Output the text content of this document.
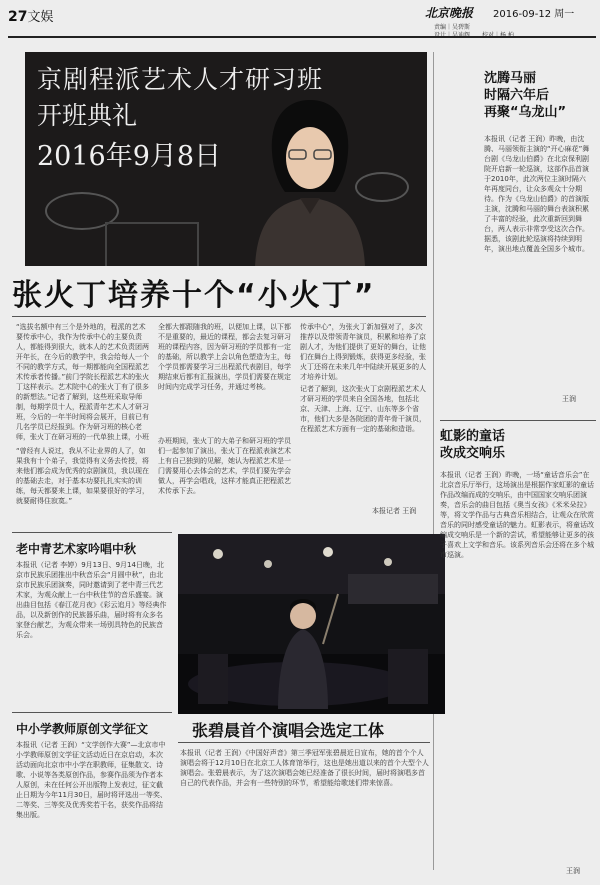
27文娱	北京晚报 2016-09-12 周一
责编｜吴碧斯
京剧程派艺术人才研习班
开班典礼
2016年9月8日
张火丁培养十个“小火丁”
“选拔名额中有三个是外地的，程派的艺术要传承中心，我作为传承中心的主要负责人，都能得到很大，就本人的艺术负责团两开年长，在今后的教学中，我会给每人一个不同的教学方式，每一期都能向全国程派艺术传承者传播。”前门学院长程派艺术的张火丁这样表示。艺术院中心的张火丁有了很多的新想法。”记者了解到，这些班采取导师制，每期学员十人，程派青年艺术人才研习班，今后的一年半时间将会展开，目前已有几名学员已经报到。作为研习班的核心老师，张火丁在研习班的一代单独上课，小班
“曾经有人说过，我从不让业界的人了，如果我有十个弟子，我觉得有义务去传授，将来他们都会成为优秀的京剧演员，我以现在的基础去走，对于基本功要扎扎实实的训练，每天都要来上课，如果要很好的学习，就要耐得住寂寞。”
全都大都跟随我的班，以便加上课，以下都不是重要的，最近的课程，都会去复习研习班的课程内容，因为研习班的学员都有一定的基础，所以教学上会以角色塑造为主，每个学员都需要学习三出程派代表剧目，每学期结束后都有汇报演出，学员们需要在规定时间内完成学习任务，并通过考核。
办班期间，张火丁的大弟子和研习班的学员们一起参加了演出，张火丁在程派表演艺术上有自己独到的见解，她认为程派艺术是一门需要用心去体会的艺术，学员们要先学会做人，再学会唱戏，这样才能真正把程派艺术传承下去。
传承中心“，为张火丁新加强对了，多次推荐以及带领青年演员，积累和培养了京剧人才，为他们提供了更好的舞台，让他们在舞台上得到锻炼，获得更多经验，张火丁还将在未来几年中陆续开展更多的人才培养计划。
记者了解到，这次张火丁京剧程派艺术人才研习班的学员来自全国各地，包括北京、天津、上海、辽宁、山东等多个省市，他们大多是各院团的青年骨干演员，在程派艺术方面有一定的基础和造诣。
本报记者 王润
老中青艺术家吟唱中秋
本报讯（记者 李婷）9月13日、9月14日晚，北京市民族乐团推出中秋音乐会“月圆中秋”，由北京市民族乐团演奏，同时邀请到了老中青三代艺术家，为观众献上一台中秋佳节的音乐盛宴。演出曲目包括《春江花月夜》《彩云追月》等经典作品，以及新创作的民族器乐曲，届时将有众多名家登台献艺，为观众带来一场别具特色的民族音乐会。
中小学教师原创文学征文
本报讯（记者 王润）“文学创作大赛”—北京市中小学教师原创文学征文活动近日在京启动，本次活动面向北京市中小学在职教师，征集散文、诗歌、小说等各类原创作品，参赛作品须为作者本人原创，未在任何公开出版物上发表过，征文截止日期为今年11月30日，届时将评选出一等奖、二等奖、三等奖及优秀奖若干名，获奖作品将结集出版。
张碧晨首个演唱会选定工体
本报讯（记者 王润）《中国好声音》第三季冠军张碧晨近日宣布，她的首个个人演唱会将于12月10日在北京工人体育馆举行，这也是她出道以来的首个大型个人演唱会。张碧晨表示，为了这次演唱会她已经准备了很长时间，届时将演唱多首自己的代表作品，并会有一些特别的环节，希望能给歌迷们带来惊喜。
沈腾马丽
时隔六年后
再聚“乌龙山”
本报讯（记者 王润）昨晚，由沈腾、马丽领衔主演的“开心麻花”舞台剧《乌龙山伯爵》在北京保利剧院开启新一轮巡演，这部作品首演于2010年，此次两位主演时隔六年再度同台，让众多观众十分期待。作为《乌龙山伯爵》的首演版主演，沈腾和马丽的舞台表演积累了丰富的经验，此次重新回到舞台，两人表示非常享受这次合作。据悉，该剧此轮巡演将持续到明年，演出地点覆盖全国多个城市。
王润
虹影的童话
改成交响乐
本报讯（记者 王润）昨晚，一场“童话音乐会”在北京音乐厅举行，这场演出是根据作家虹影的童话作品改编而成的交响乐，由中国国家交响乐团演奏，音乐会的曲目包括《奥当女孩》《米米朵拉》等，将文学作品与古典音乐相结合，让观众在欣赏音乐的同时感受童话的魅力。虹影表示，将童话改编成交响乐是一个新的尝试，希望能够让更多的孩子喜欢上文学和音乐。该系列音乐会还将在多个城市巡演。
王润
